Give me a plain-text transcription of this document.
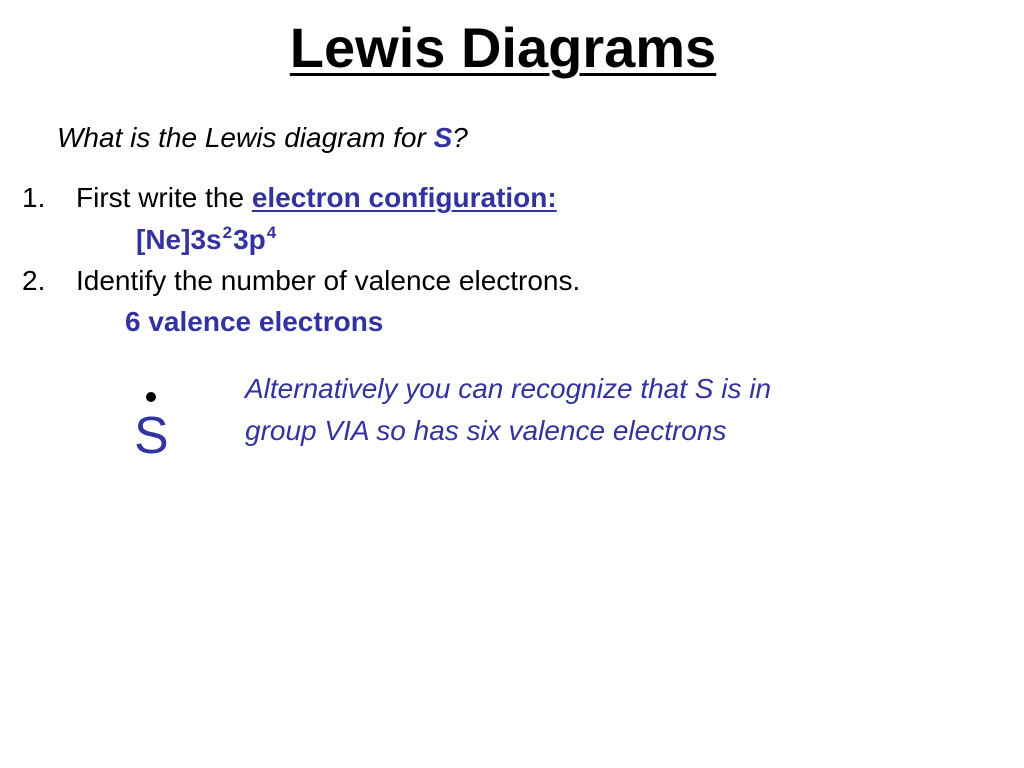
Lewis Diagrams
What is the Lewis diagram for S?
1. First write the electron configuration:
$[Ne]3s^23p^4$
2. Identify the number of valence electrons.
6 valence electrons
S
Alternatively you can recognize that S is in
group VIA so has six valence electrons
